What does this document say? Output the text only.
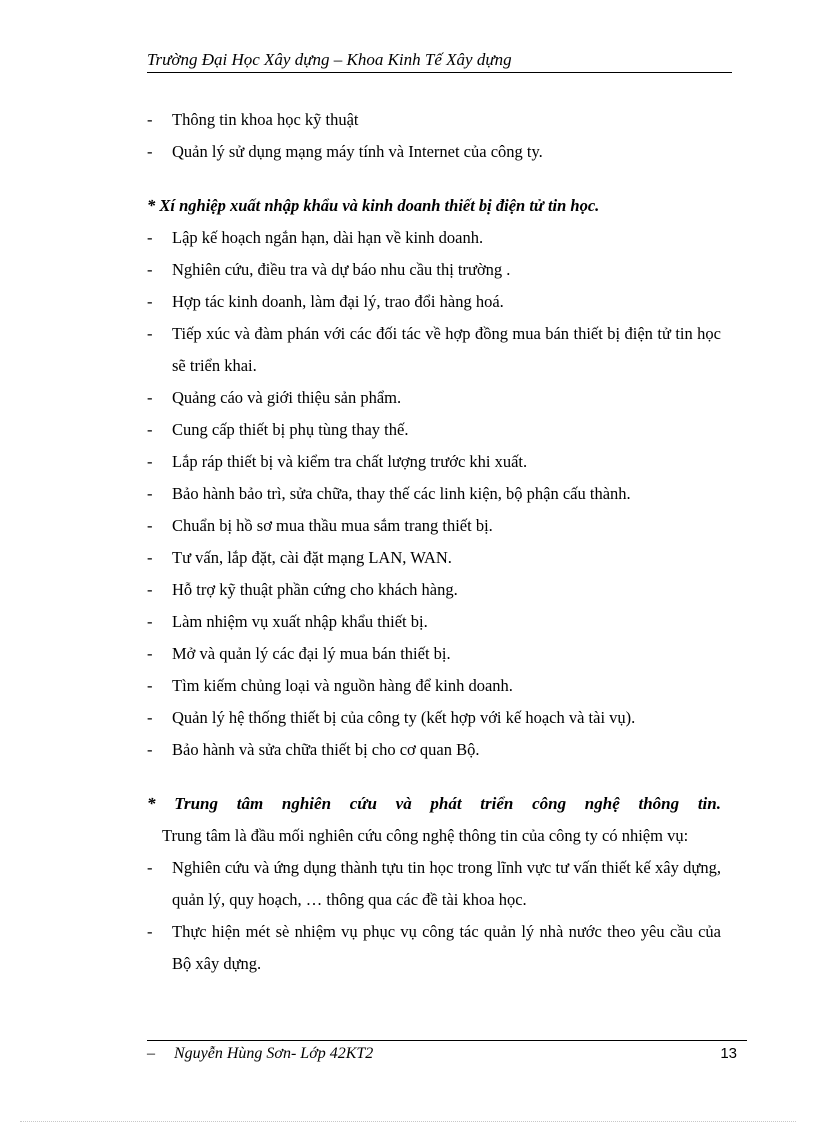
Trường Đại Học Xây dựng – Khoa Kinh Tế Xây dựng
- Thông tin khoa học kỹ thuật
- Quản lý sử dụng mạng máy tính và Internet của công ty.
* Xí nghiệp xuất nhập khẩu và kinh doanh thiết bị điện tử tin học.
- Lập kế hoạch ngắn hạn, dài hạn về kinh doanh.
- Nghiên cứu, điều tra và dự báo nhu cầu thị trường .
- Hợp tác kinh doanh, làm đại lý, trao đổi hàng hoá.
- Tiếp xúc và đàm phán với các đối tác về hợp đồng mua bán thiết bị điện tử tin học sẽ triển khai.
- Quảng cáo và giới thiệu sản phẩm.
- Cung cấp thiết bị phụ tùng thay thế.
- Lắp ráp thiết bị và kiểm tra chất lượng trước khi xuất.
- Bảo hành bảo trì, sửa chữa, thay thế các linh kiện, bộ phận cấu thành.
- Chuẩn bị hồ sơ mua thầu mua sắm trang thiết bị.
- Tư vấn, lắp đặt, cài đặt mạng LAN, WAN.
- Hỗ trợ kỹ thuật phần cứng cho khách hàng.
- Làm nhiệm vụ xuất nhập khẩu thiết bị.
- Mở và quản lý các đại lý mua bán thiết bị.
- Tìm kiếm chủng loại và nguồn hàng để kinh doanh.
- Quản lý hệ thống thiết bị của công ty (kết hợp với kế hoạch và tài vụ).
- Bảo hành và sửa chữa thiết bị cho cơ quan Bộ.
* Trung tâm nghiên cứu và phát triển công nghệ thông tin.
Trung tâm là đầu mối nghiên cứu công nghệ thông tin của công ty có nhiệm vụ:
- Nghiên cứu và ứng dụng thành tựu tin học trong lĩnh vực tư vấn thiết kế xây dựng, quản lý, quy hoạch, … thông qua các đề tài khoa học.
- Thực hiện mét sè nhiệm vụ phục vụ công tác quản lý nhà nước theo yêu cầu của Bộ xây dựng.
– Nguyễn Hùng Sơn- Lớp 42KT2	13
